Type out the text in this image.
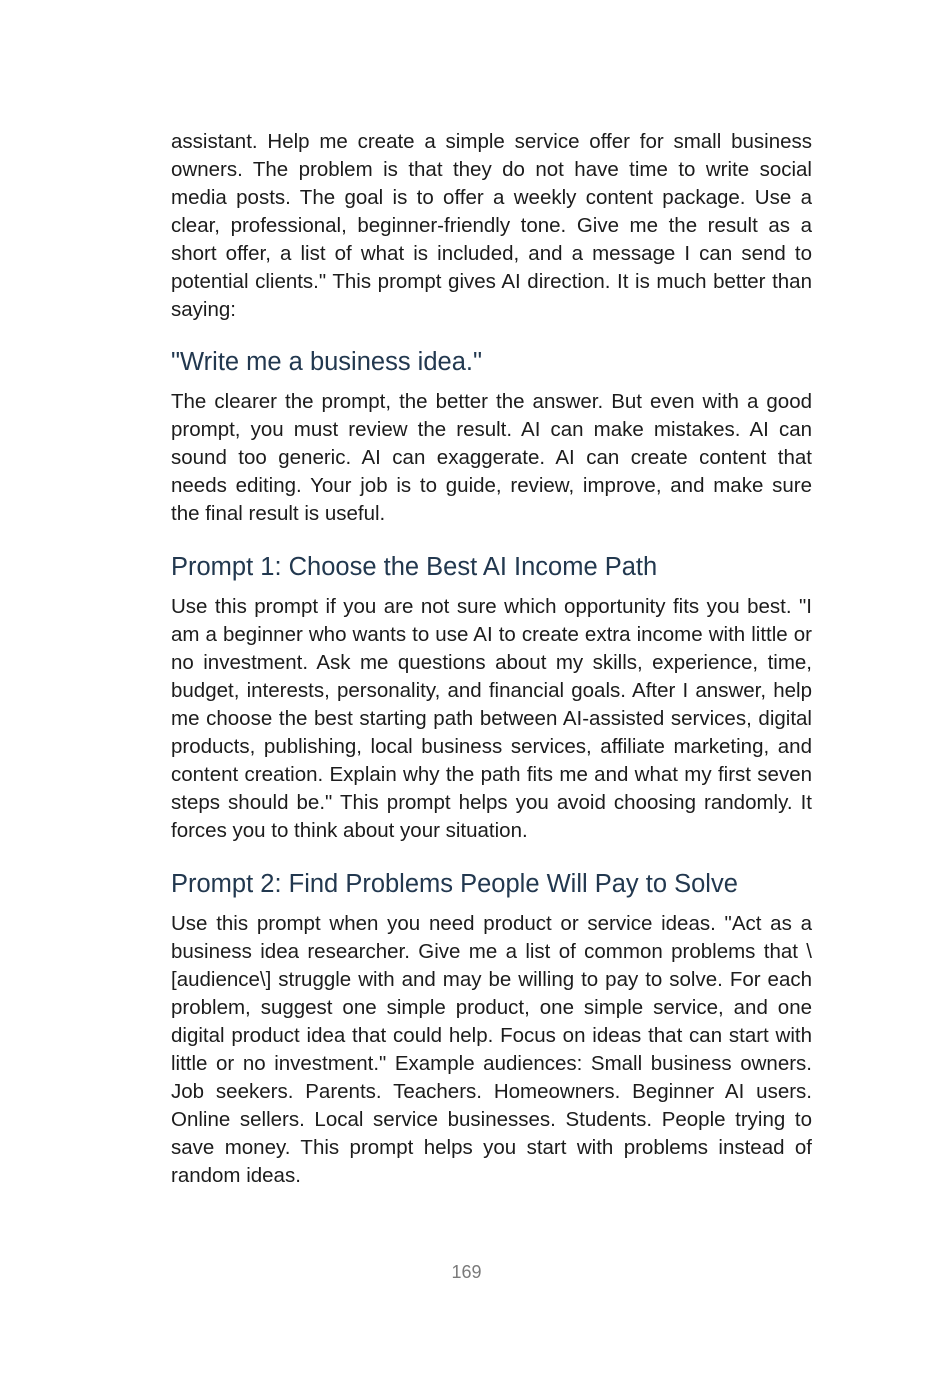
assistant. Help me create a simple service offer for small business owners. The problem is that they do not have time to write social media posts. The goal is to offer a weekly content package. Use a clear, professional, beginner-friendly tone. Give me the result as a short offer, a list of what is included, and a message I can send to potential clients." This prompt gives AI direction. It is much better than saying:

"Write me a business idea."

The clearer the prompt, the better the answer. But even with a good prompt, you must review the result. AI can make mistakes. AI can sound too generic. AI can exaggerate. AI can create content that needs editing. Your job is to guide, review, improve, and make sure the final result is useful.

Prompt 1: Choose the Best AI Income Path

Use this prompt if you are not sure which opportunity fits you best. "I am a beginner who wants to use AI to create extra income with little or no investment. Ask me questions about my skills, experience, time, budget, interests, personality, and financial goals. After I answer, help me choose the best starting path between AI-assisted services, digital products, publishing, local business services, affiliate marketing, and content creation. Explain why the path fits me and what my first seven steps should be." This prompt helps you avoid choosing randomly. It forces you to think about your situation.

Prompt 2: Find Problems People Will Pay to Solve

Use this prompt when you need product or service ideas. "Act as a business idea researcher. Give me a list of common problems that \[audience\] struggle with and may be willing to pay to solve. For each problem, suggest one simple product, one simple service, and one digital product idea that could help. Focus on ideas that can start with little or no investment." Example audiences: Small business owners. Job seekers. Parents. Teachers. Homeowners. Beginner AI users. Online sellers. Local service businesses. Students. People trying to save money. This prompt helps you start with problems instead of random ideas.

169
